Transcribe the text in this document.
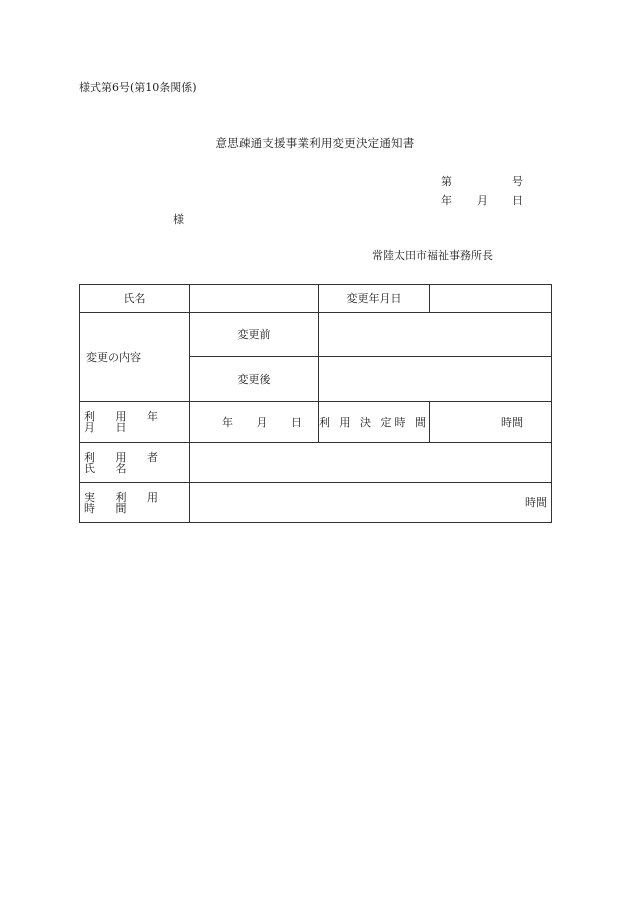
様式第6号(第10条関係)
意思疎通支援事業利用変更決定通知書
第	号
年 月 日
様
常陸太田市福祉事務所長
氏名		変更年月日	
変更の内容	変更前		
	変更後		
利 用 年 月 日	年 月 日	利 用 決 定時 間	時間
利 用 者 氏 名			
実 利 用 時 間	時間		
